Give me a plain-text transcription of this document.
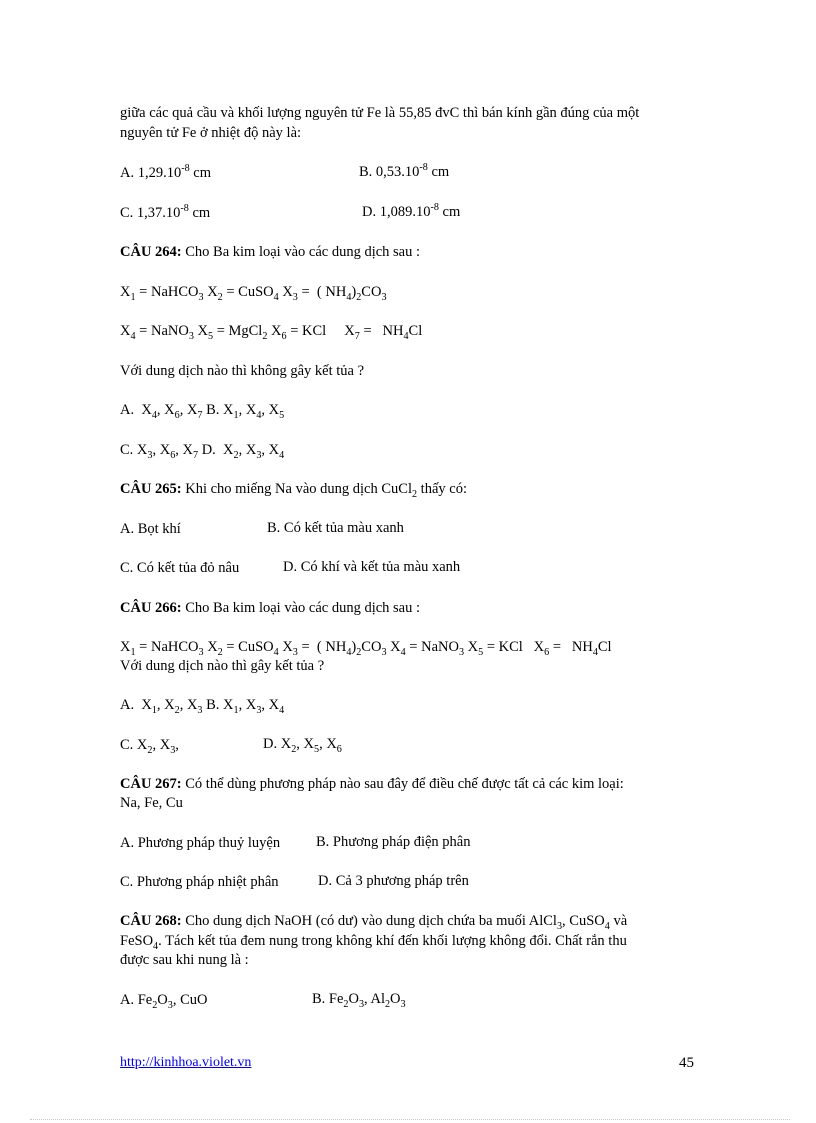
giữa các quả cầu và khối lượng nguyên tử Fe là 55,85 đvC thì bán kính gần đúng của một
nguyên tử Fe ở nhiệt độ này là:
A. $1,29.10^{-8}$ cm	B. $0,53.10^{-8}$ cm
C. $1,37.10^{-8}$ cm	D. $1,089.10^{-8}$ cm
CÂU 264: Cho Ba kim loại vào các dung dịch sau :
$X_1$ = NaHCO$_3$ $X_2$ = CuSO$_4$ $X_3$ =  ( $NH_4)_2CO_3$
$X_4$ = NaNO$_3$ $X_5$ = MgCl$_2$ $X_6$ = KCl     $X_7 = NH_4Cl$
Với dung dịch nào thì không gây kết tủa ?
A.  $X_4$, $X_6$, $X_7$ B. $X_1$, $X_4$, $X_5$
C. $X_3$, $X_6$, $X_7$ D.  $X_2$, $X_3$, $X_4$
CÂU 265: Khi cho miếng Na vào dung dịch CuCl$_2$ thấy có:
A. Bọt khí	B. Có kết tủa màu xanh
C. Có kết tủa đỏ nâu	D. Có khí và kết tủa màu xanh
CÂU 266: Cho Ba kim loại vào các dung dịch sau :
$X_1$ = NaHCO$_3$ $X_2$ = CuSO$_4$ $X_3$ =  ( $NH_4)_2CO_3$ $X_4$ = NaNO$_3$ $X_5$ = KCl   $X_6 = NH_4Cl$
Với dung dịch nào thì gây kết tủa ?
A.  $X_1$, $X_2$, $X_3$ B. $X_1$, $X_3$, $X_4$
C. $X_2$, $X_3$,	D. $X_2$, $X_5$, $X_6$
CÂU 267: Có thể dùng phương pháp nào sau đây để điều chế được tất cả các kim loại:
Na, Fe, Cu
A. Phương pháp thuỷ luyện B. Phương pháp điện phân
C. Phương pháp nhiệt phân	D. Cả 3 phương pháp trên
CÂU 268: Cho dung dịch NaOH (có dư) vào dung dịch chứa ba muối AlCl$_3$, CuSO$_4$ và
FeSO$_4$. Tách kết tủa đem nung trong không khí đến khối lượng không đổi. Chất rắn thu
được sau khi nung là :
A. $Fe_2O_3$, CuO	B. $Fe_2O_3$, $Al_2O_3$
http://kinhhoa.violet.vn	45
